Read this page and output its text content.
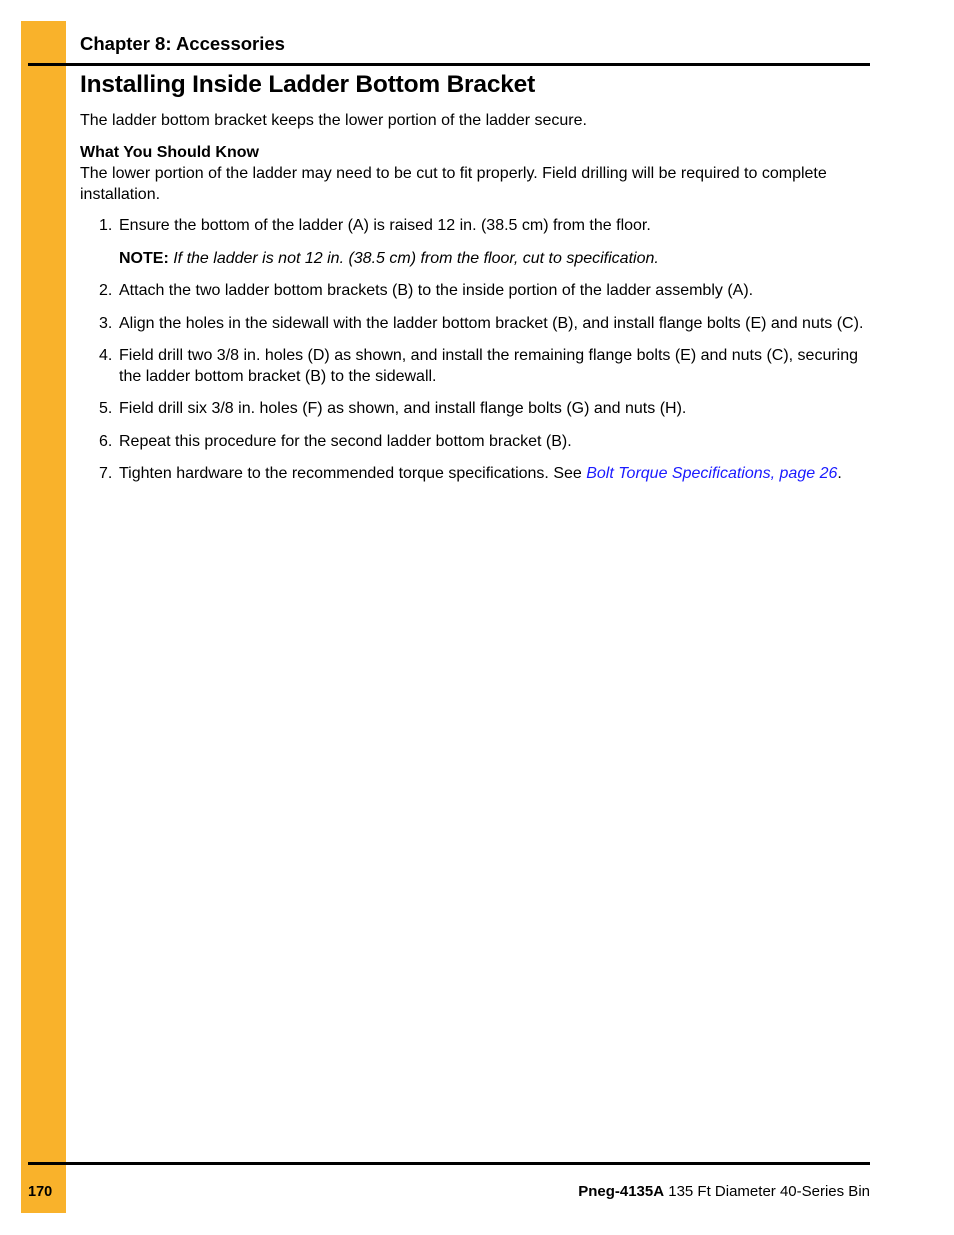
Chapter 8: Accessories
Installing Inside Ladder Bottom Bracket

The ladder bottom bracket keeps the lower portion of the ladder secure.

What You Should Know

The lower portion of the ladder may need to be cut to fit properly. Field drilling will be required to complete installation.

1. Ensure the bottom of the ladder (A) is raised 12 in. (38.5 cm) from the floor.
NOTE: If the ladder is not 12 in. (38.5 cm) from the floor, cut to specification.
2. Attach the two ladder bottom brackets (B) to the inside portion of the ladder assembly (A).
3. Align the holes in the sidewall with the ladder bottom bracket (B), and install flange bolts (E) and nuts (C).
4. Field drill two 3/8 in. holes (D) as shown, and install the remaining flange bolts (E) and nuts (C), securing the ladder bottom bracket (B) to the sidewall.
5. Field drill six 3/8 in. holes (F) as shown, and install flange bolts (G) and nuts (H).
6. Repeat this procedure for the second ladder bottom bracket (B).
7. Tighten hardware to the recommended torque specifications. See Bolt Torque Specifications, page 26.
170	Pneg-4135A 135 Ft Diameter 40-Series Bin
